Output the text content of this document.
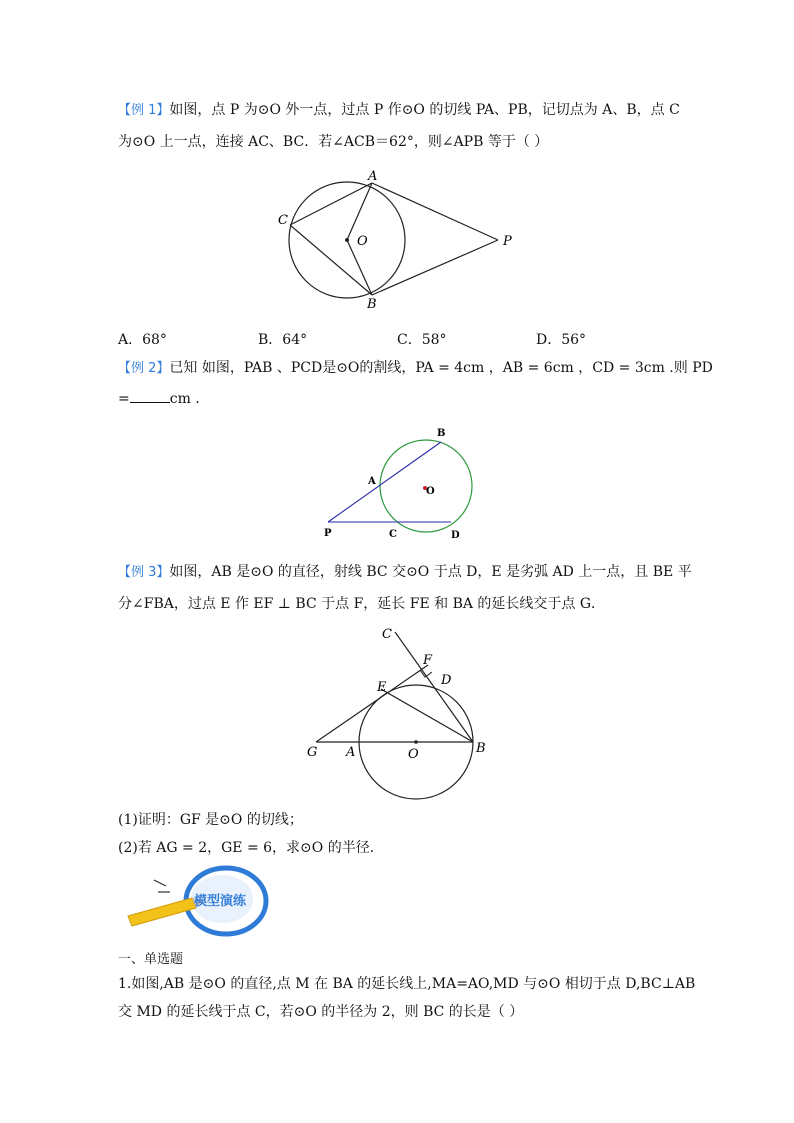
【例 1】如图，点 P 为⊙O 外一点，过点 P 作⊙O 的切线 PA、PB，记切点为 A、B，点 C
为⊙O 上一点，连接 AC、BC．若∠ACB＝62°，则∠APB 等于（ ）
A
B
C
O	P
A．68°	B．64°	C．58°	D．56°
【例 2】已知 如图，PAB 、PCD是⊙O的割线，PA = 4cm ，AB = 6cm ，CD = 3cm .则 PD
=	cm .
B
A
O
P	C	D
【例 3】如图，AB 是⊙O 的直径，射线 BC 交⊙O 于点 D，E 是劣弧 AD 上一点，且 BE 平
分∠FBA，过点 E 作 EF ⊥ BC 于点 F，延长 FE 和 BA 的延长线交于点 G．
C
F
D
E
G A	O	B
(1)证明：GF 是⊙O 的切线；
(2)若 AG = 2，GE = 6，求⊙O 的半径．
模型演练
一、单选题
1.如图,AB 是⊙O 的直径,点 M 在 BA 的延长线上,MA=AO,MD 与⊙O 相切于点 D,BC⊥AB
交 MD 的延长线于点 C，若⊙O 的半径为 2，则 BC 的长是（ ）
